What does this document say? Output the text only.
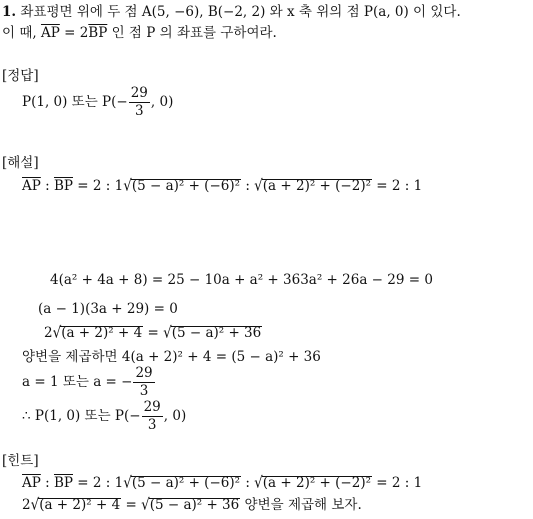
1. 좌표평면 위에 두 점 A(5, −6), B(−2, 2) 와 x 축 위의 점 P(a, 0) 이 있다.
이 때, $\overline{AP} = 2\overline{BP}$ 인 점 P 의 좌표를 구하여라.
[정답]
P(1, 0) 또는 $P(- \frac{29}{3}$ , 0)
[해설]
$\overline{AP}$ : $\overline{BP} = 2$ : 1√(5 − a)² + (−6)² : √(a + 2)² + (−2)² = 2 : 1
4(a² + 4a + 8) = 25 − 10a + a² + 363a² + 26a − 29 = 0
(a − 1)(3a + 29) = 0
2√(a + 2)² + 4 = √(5 − a)² + 36
양변을 제곱하면 4(a + 2)² + 4 = (5 − a)² + 36
a = 1 또는 a = − $\frac{29}{3}$
∴ P(1, 0) 또는 $P(- \frac{29}{3}$ , 0)
[힌트]
$\overline{AP}$ : $\overline{BP} = 2$ : 1√(5 − a)² + (−6)² : √(a + 2)² + (−2)² = 2 : 1
2√(a + 2)² + 4 = √(5 − a)² + 36 양변을 제곱해 보자.
